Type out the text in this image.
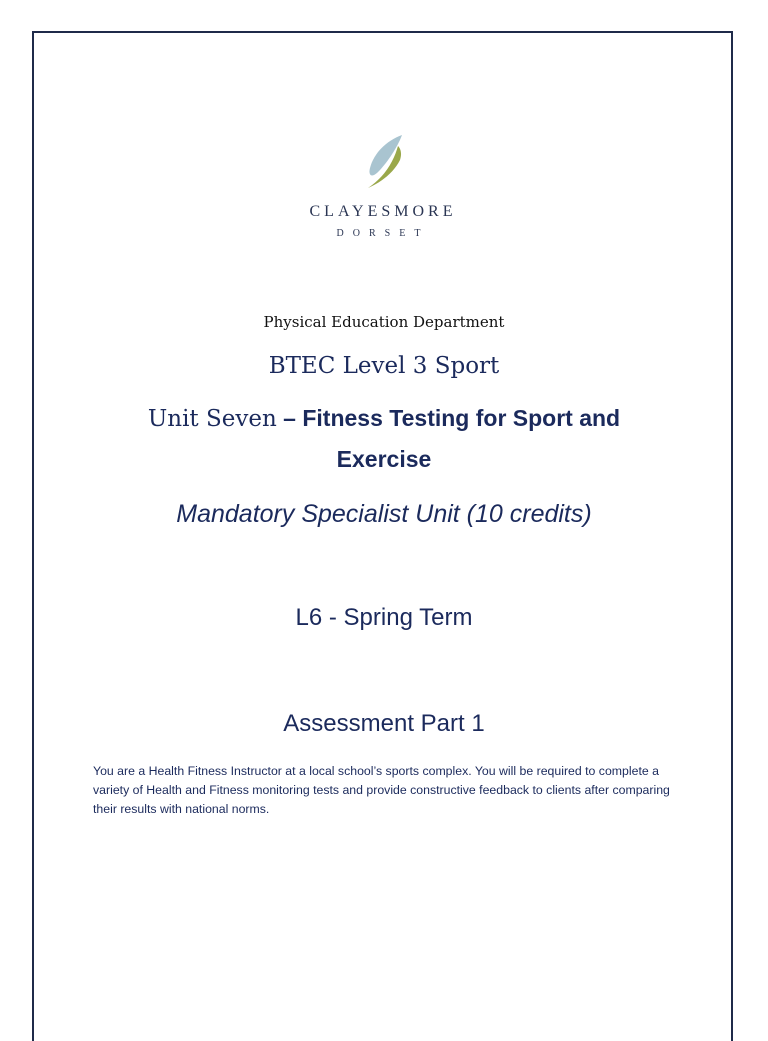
CLAYESMORE
DORSET
Physical Education Department
BTEC Level 3 Sport
Unit Seven – Fitness Testing for Sport and
Exercise
Mandatory Specialist Unit (10 credits)
L6 - Spring Term
Assessment Part 1
You are a Health Fitness Instructor at a local school’s sports complex. You will be required to complete a variety of Health and Fitness monitoring tests and provide constructive feedback to clients after comparing their results with national norms.
